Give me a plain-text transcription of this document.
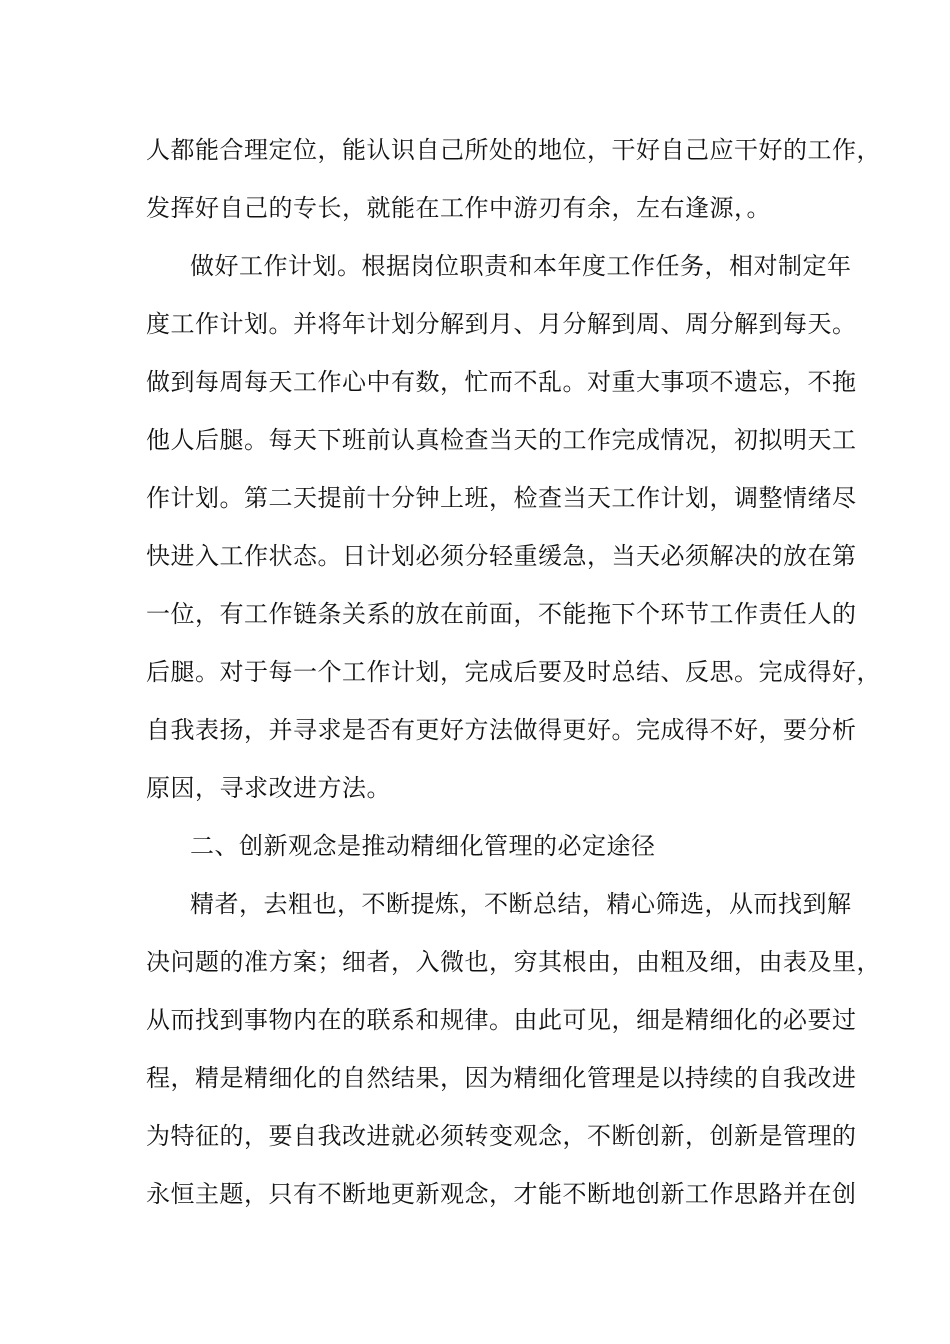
人都能合理定位，能认识自己所处的地位，干好自己应干好的工作，
发挥好自己的专长，就能在工作中游刃有余，左右逢源，。
做好工作计划。根据岗位职责和本年度工作任务，相对制定年
度工作计划。并将年计划分解到月、月分解到周、周分解到每天。
做到每周每天工作心中有数，忙而不乱。对重大事项不遗忘，不拖
他人后腿。每天下班前认真检查当天的工作完成情况，初拟明天工
作计划。第二天提前十分钟上班，检查当天工作计划，调整情绪尽
快进入工作状态。日计划必须分轻重缓急，当天必须解决的放在第
一位，有工作链条关系的放在前面，不能拖下个环节工作责任人的
后腿。对于每一个工作计划，完成后要及时总结、反思。完成得好，
自我表扬，并寻求是否有更好方法做得更好。完成得不好，要分析
原因，寻求改进方法。
二、创新观念是推动精细化管理的必定途径
精者，去粗也，不断提炼，不断总结，精心筛选，从而找到解
决问题的准方案；细者，入微也，穷其根由，由粗及细，由表及里，
从而找到事物内在的联系和规律。由此可见，细是精细化的必要过
程，精是精细化的自然结果，因为精细化管理是以持续的自我改进
为特征的，要自我改进就必须转变观念，不断创新，创新是管理的
永恒主题，只有不断地更新观念，才能不断地创新工作思路并在创
